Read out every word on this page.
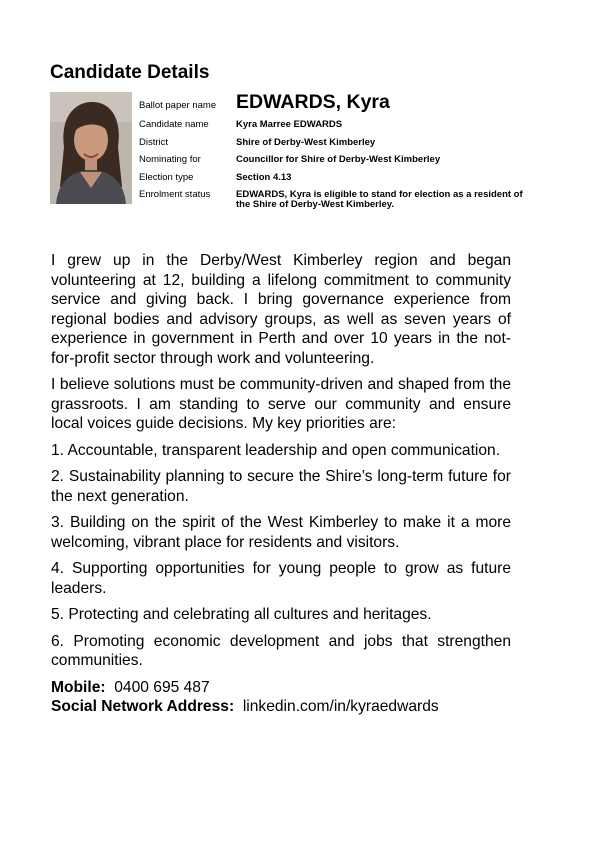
Candidate Details
Ballot paper name	EDWARDS, Kyra
Candidate name	Kyra Marree EDWARDS
District	Shire of Derby-West Kimberley
Nominating for	Councillor for Shire of Derby-West Kimberley
Election type	Section 4.13
Enrolment status	EDWARDS, Kyra is eligible to stand for election as a resident of the Shire of Derby-West Kimberley.

I grew up in the Derby/West Kimberley region and began volunteering at 12, building a lifelong commitment to community service and giving back. I bring governance experience from regional bodies and advisory groups, as well as seven years of experience in government in Perth and over 10 years in the not-for-profit sector through work and volunteering.

I believe solutions must be community-driven and shaped from the grassroots. I am standing to serve our community and ensure local voices guide decisions. My key priorities are:

1. Accountable, transparent leadership and open communication.

2. Sustainability planning to secure the Shire’s long-term future for the next generation.

3. Building on the spirit of the West Kimberley to make it a more welcoming, vibrant place for residents and visitors.

4. Supporting opportunities for young people to grow as future leaders.

5. Protecting and celebrating all cultures and heritages.

6. Promoting economic development and jobs that strengthen communities.

Mobile: 0400 695 487
Social Network Address: linkedin.com/in/kyraedwards
